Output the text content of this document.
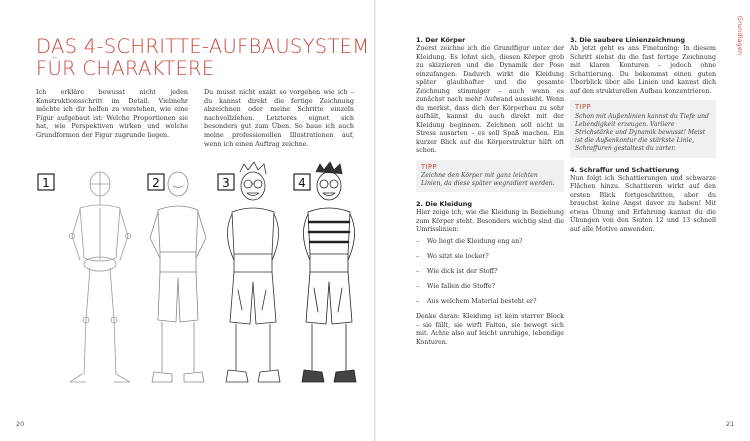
DAS 4-SCHRITTE-AUFBAUSYSTEM
FÜR CHARAKTERE

Ich erkläre bewusst nicht jeden Konstruktionsschritt im Detail. Vielmehr möchte ich dir helfen zu verstehen, wie eine Figur aufgebaut ist: Welche Proportionen sie hat, wie Perspektiven wirken und welche Grundformen der Figur zugrunde liegen.

Du musst nicht exakt so vorgehen wie ich – du kannst direkt die fertige Zeichnung abzeichnen oder meine Schritte einzeln nachvollziehen. Letzteres eignet sich besonders gut zum Üben. So baue ich auch meine professionellen Illustrationen auf, wenn ich einen Auftrag zeichne.

1	2	3	4
20
1. Der Körper

Zuerst zeichne ich die Grundfigur unter der Kleidung. Es lohnt sich, diesen Körper grob zu skizzieren und die Dynamik der Pose einzufangen. Dadurch wirkt die Kleidung später glaubhafter und die gesamte Zeichnung stimmiger – auch wenn es zunächst nach mehr Aufwand aussieht. Wenn du merkst, dass dich der Körperbau zu sehr aufhält, kannst du auch direkt mit der Kleidung beginnen. Zeichnen soll nicht in Stress ausarten – es soll Spaß machen. Ein kurzer Blick auf die Körperstruktur hilft oft schon.

TIPP
Zeichne den Körper mit ganz leichten Linien, da diese später wegradiert werden.
2. Die Kleidung

Hier zeige ich, wie die Kleidung in Beziehung zum Körper steht. Besonders wichtig sind die Umrisslinien:

– Wo liegt die Kleidung eng an?
– Wo sitzt sie locker?
– Wie dick ist der Stoff?
– Wie fallen die Stoffe?
– Aus welchem Material besteht er?

Denke daran: Kleidung ist kein starrer Block – sie fällt, sie wirft Falten, sie bewegt sich mit. Achte also auf leicht unruhige, lebendige Konturen.

3. Die saubere Linienzeichnung

Ab jetzt geht es ans Finetuning: In diesem Schritt siehst du die fast fertige Zeichnung mit klaren Konturen – jedoch ohne Schattierung. Du bekommst einen guten Überblick über alle Linien und kannst dich auf den strukturellen Aufbau konzentrieren.

TIPP
Schon mit Außenlinien kannst du Tiefe und Lebendigkeit erzeugen. Variiere Strichstärke und Dynamik bewusst! Meist ist die Außenkontur die stärkste Linie, Schraffuren gestaltest du zarter.
4. Schraffur und Schattierung

Nun folgt ich Schattierungen und schwarze Flächen hinzu. Schattieren wirkt auf den ersten Blick fortgeschritten, aber du brauchst keine Angst davor zu haben! Mit etwas Übung und Erfahrung kannst du die Übungen von den Seiten 12 und 13 schnell auf alle Motive anwenden.

Grundlagen
21
